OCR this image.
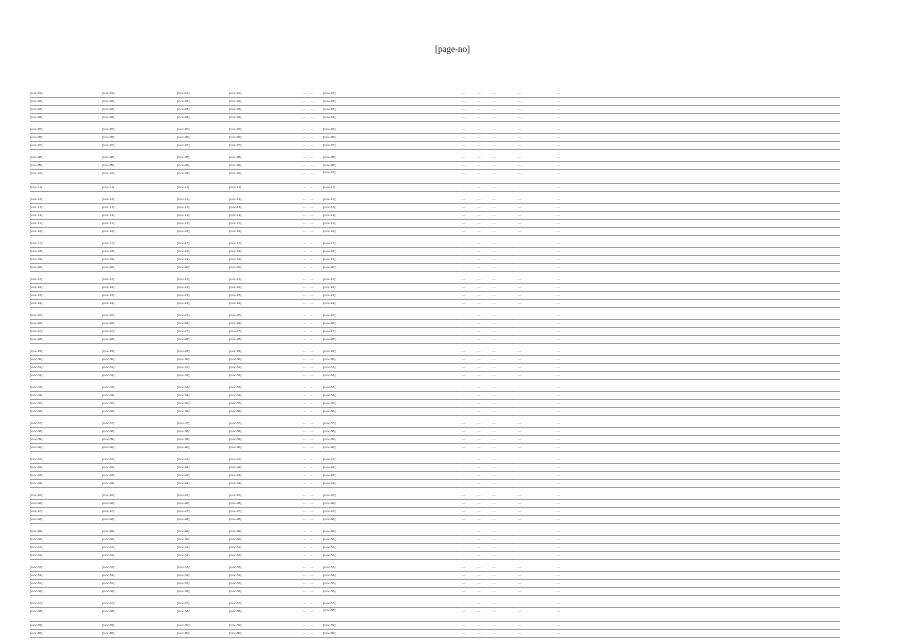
[page-no]
[row-01]	[row-01]	[row-01]	[row-01]	— —	[row-01]	—	—	—	—	—
[row-02]	[row-02]	[row-02]	[row-02]	— —	[row-02]	—	—	—	—	—
[row-03]	[row-03]	[row-03]	[row-03]	— —	[row-03]	—	—	—	—	—
[row-04]	[row-04]	[row-04]	[row-04]	— —	[row-04]	—	—	—	—	—
[row-05]	[row-05]	[row-05]	[row-05]	— —	[row-05]	—	—	—	—	—
[row-06]	[row-06]	[row-06]	[row-06]	— —	[row-06]	—	—	—	—	—
[row-07]	[row-07]	[row-07]	[row-07]	— —	[row-07]	—	—	—	—	—
[row-08]	[row-08]	[row-08]	[row-08]	— —	[row-08]	—	—	—	—	—
[row-09]	[row-09]	[row-09]	[row-09]	— —	[row-09]	—	—	—	—	—
[row-10]	[row-10]	[row-10]	[row-10]	— —	[row-10]	—	—	—	—	—
[row-11]	[row-11]	[row-11]	[row-11]	— —	[row-11]	—	—	—	—	—
[row-12]	[row-12]	[row-12]	[row-12]	— —	[row-12]	—	—	—	—	—
[row-13]	[row-13]	[row-13]	[row-13]	— —	[row-13]	—	—	—	—	—
[row-14]	[row-14]	[row-14]	[row-14]	— —	[row-14]	—	—	—	—	—
[row-15]	[row-15]	[row-15]	[row-15]	— —	[row-15]	—	—	—	—	—
[row-16]	[row-16]	[row-16]	[row-16]	— —	[row-16]	—	—	—	—	—
[row-17]	[row-17]	[row-17]	[row-17]	— —	[row-17]	—	—	—	—	—
[row-18]	[row-18]	[row-18]	[row-18]	— —	[row-18]	—	—	—	—	—
[row-19]	[row-19]	[row-19]	[row-19]	— —	[row-19]	—	—	—	—	—
[row-20]	[row-20]	[row-20]	[row-20]	— —	[row-20]	—	—	—	—	—
[row-21]	[row-21]	[row-21]	[row-21]	— —	[row-21]	—	—	—	—	—
[row-22]	[row-22]	[row-22]	[row-22]	— —	[row-22]	—	—	—	—	—
[row-23]	[row-23]	[row-23]	[row-23]	— —	[row-23]	—	—	—	—	—
[row-24]	[row-24]	[row-24]	[row-24]	— —	[row-24]	—	—	—	—	—
[row-25]	[row-25]	[row-25]	[row-25]	— —	[row-25]	—	—	—	—	—
[row-26]	[row-26]	[row-26]	[row-26]	— —	[row-26]	—	—	—	—	—
[row-27]	[row-27]	[row-27]	[row-27]	— —	[row-27]	—	—	—	—	—
[row-28]	[row-28]	[row-28]	[row-28]	— —	[row-28]	—	—	—	—	—
[row-29]	[row-29]	[row-29]	[row-29]	— —	[row-29]	—	—	—	—	—
[row-30]	[row-30]	[row-30]	[row-30]	— —	[row-30]	—	—	—	—	—
[row-31]	[row-31]	[row-31]	[row-31]	— —	[row-31]	—	—	—	—	—
[row-32]	[row-32]	[row-32]	[row-32]	— —	[row-32]	—	—	—	—	—
[row-33]	[row-33]	[row-33]	[row-33]	— —	[row-33]	—	—	—	—	—
[row-34]	[row-34]	[row-34]	[row-34]	— —	[row-34]	—	—	—	—	—
[row-35]	[row-35]	[row-35]	[row-35]	— —	[row-35]	—	—	—	—	—
[row-36]	[row-36]	[row-36]	[row-36]	— —	[row-36]	—	—	—	—	—
[row-37]	[row-37]	[row-37]	[row-37]	— —	[row-37]	—	—	—	—	—
[row-38]	[row-38]	[row-38]	[row-38]	— —	[row-38]	—	—	—	—	—
[row-39]	[row-39]	[row-39]	[row-39]	— —	[row-39]	—	—	—	—	—
[row-40]	[row-40]	[row-40]	[row-40]	— —	[row-40]	—	—	—	—	—
[row-41]	[row-41]	[row-41]	[row-41]	— —	[row-41]	—	—	—	—	—
[row-42]	[row-42]	[row-42]	[row-42]	— —	[row-42]	—	—	—	—	—
[row-43]	[row-43]	[row-43]	[row-43]	— —	[row-43]	—	—	—	—	—
[row-44]	[row-44]	[row-44]	[row-44]	— —	[row-44]	—	—	—	—	—
[row-45]	[row-45]	[row-45]	[row-45]	— —	[row-45]	—	—	—	—	—
[row-46]	[row-46]	[row-46]	[row-46]	— —	[row-46]	—	—	—	—	—
[row-47]	[row-47]	[row-47]	[row-47]	— —	[row-47]	—	—	—	—	—
[row-48]	[row-48]	[row-48]	[row-48]	— —	[row-48]	—	—	—	—	—
[row-49]	[row-49]	[row-49]	[row-49]	— —	[row-49]	—	—	—	—	—
[row-50]	[row-50]	[row-50]	[row-50]	— —	[row-50]	—	—	—	—	—
[row-51]	[row-51]	[row-51]	[row-51]	— —	[row-51]	—	—	—	—	—
[row-52]	[row-52]	[row-52]	[row-52]	— —	[row-52]	—	—	—	—	—
[row-53]	[row-53]	[row-53]	[row-53]	— —	[row-53]	—	—	—	—	—
[row-54]	[row-54]	[row-54]	[row-54]	— —	[row-54]	—	—	—	—	—
[row-55]	[row-55]	[row-55]	[row-55]	— —	[row-55]	—	—	—	—	—
[row-56]	[row-56]	[row-56]	[row-56]	— —	[row-56]	—	—	—	—	—
[row-57]	[row-57]	[row-57]	[row-57]	— —	[row-57]	—	—	—	—	—
[row-58]	[row-58]	[row-58]	[row-58]	— —	[row-58]	—	—	—	—	—
[row-59]	[row-59]	[row-59]	[row-59]	— —	[row-59]	—	—	—	—	—
[row-60]	[row-60]	[row-60]	[row-60]	— —	[row-60]	—	—	—	—	—
